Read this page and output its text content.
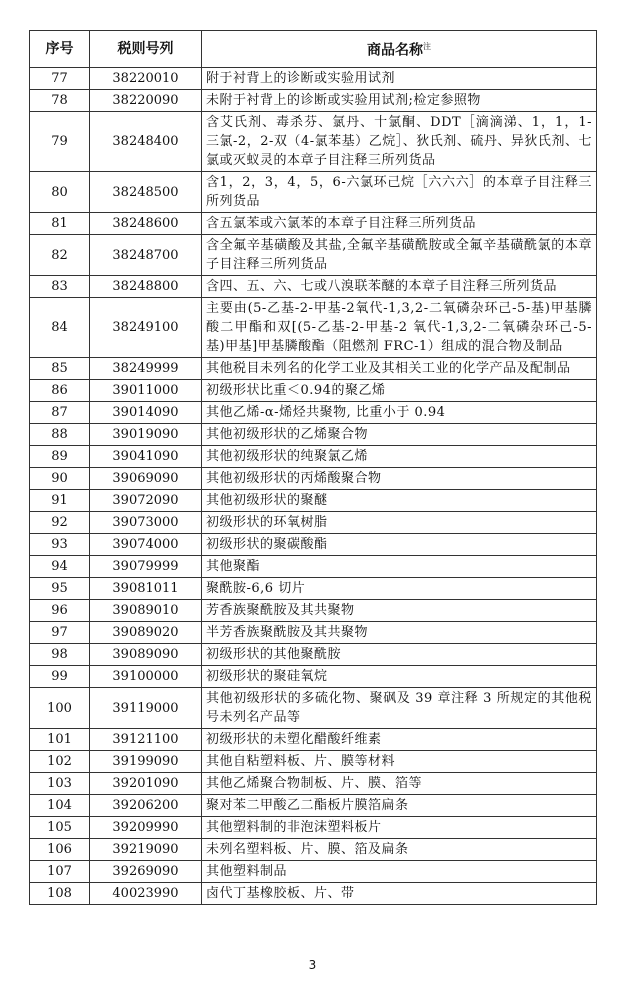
序号	税则号列	商品名称$^注$
77	38220010	附于衬背上的诊断或实验用试剂
78	38220090	未附于衬背上的诊断或实验用试剂;检定参照物
79	38248400	含艾氏剂、毒杀芬、氯丹、十氯酮、DDT［滴滴涕、1，1，1-三氯-2，2-双（4-氯苯基）乙烷］、狄氏剂、硫丹、异狄氏剂、七氯或灭蚁灵的本章子目注释三所列货品
80	38248500	含1，2，3，4，5，6-六氯环己烷［六六六］的本章子目注释三所列货品
81	38248600	含五氯苯或六氯苯的本章子目注释三所列货品
82	38248700	含全氟辛基磺酸及其盐,全氟辛基磺酰胺或全氟辛基磺酰氯的本章子目注释三所列货品
83	38248800	含四、五、六、七或八溴联苯醚的本章子目注释三所列货品
84	38249100	主要由(5-乙基-2-甲基-2氧代-1,3,2-二氧磷杂环己-5-基)甲基膦酸二甲酯和双[(5-乙基-2-甲基-2 氧代-1,3,2-二氧磷杂环己-5-基)甲基]甲基膦酸酯（阻燃剂 FRC-1）组成的混合物及制品
85	38249999	其他税目未列名的化学工业及其相关工业的化学产品及配制品
86	39011000	初级形状比重＜0.94的聚乙烯
87	39014090	其他乙烯-α-烯烃共聚物, 比重小于 0.94
88	39019090	其他初级形状的乙烯聚合物
89	39041090	其他初级形状的纯聚氯乙烯
90	39069090	其他初级形状的丙烯酸聚合物
91	39072090	其他初级形状的聚醚
92	39073000	初级形状的环氧树脂
93	39074000	初级形状的聚碳酸酯
94	39079999	其他聚酯
95	39081011	聚酰胺-6,6 切片
96	39089010	芳香族聚酰胺及其共聚物
97	39089020	半芳香族聚酰胺及其共聚物
98	39089090	初级形状的其他聚酰胺
99	39100000	初级形状的聚硅氧烷
100	39119000	其他初级形状的多硫化物、聚砜及 39 章注释 3 所规定的其他税号未列名产品等
101	39121100	初级形状的未塑化醋酸纤维素
102	39199090	其他自粘塑料板、片、膜等材料
103	39201090	其他乙烯聚合物制板、片、膜、箔等
104	39206200	聚对苯二甲酸乙二酯板片膜箔扁条
105	39209990	其他塑料制的非泡沫塑料板片
106	39219090	未列名塑料板、片、膜、箔及扁条
107	39269090	其他塑料制品
108	40023990	卤代丁基橡胶板、片、带
3
